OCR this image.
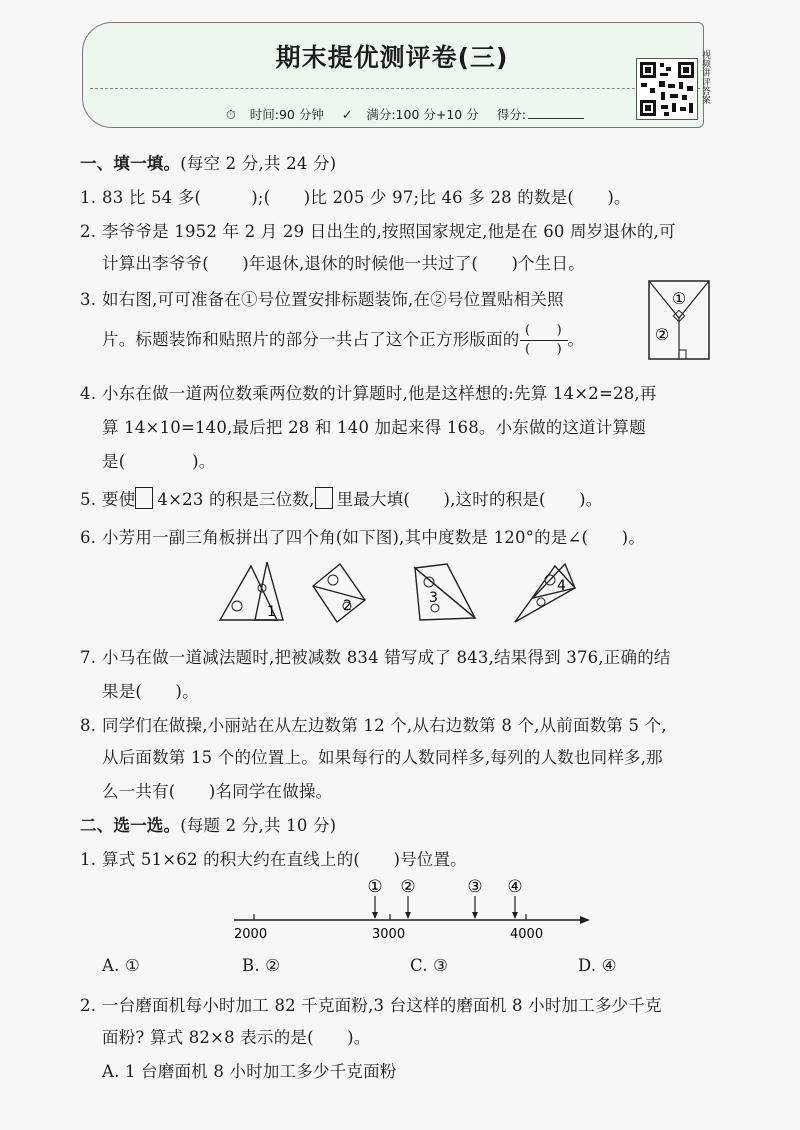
期末提优测评卷(三)
⏱ 时间:90 分钟 ✓ 满分:100 分+10 分 得分:
视频讲评答案
一、填一填。(每空 2 分,共 24 分)
1. 83 比 54 多(　　　);(　　)比 205 少 97;比 46 多 28 的数是(　　)。
2. 李爷爷是 1952 年 2 月 29 日出生的,按照国家规定,他是在 60 周岁退休的,可
计算出李爷爷(　　)年退休,退休的时候他一共过了(　　)个生日。
3. 如右图,可可准备在①号位置安排标题装饰,在②号位置贴相关照
片。标题装饰和贴照片的部分一共占了这个正方形版面的$\frac{( )}{( )}$。
①
②
4. 小东在做一道两位数乘两位数的计算题时,他是这样想的:先算 14×2=28,再
算 14×10=140,最后把 28 和 140 加起来得 168。小东做的这道计算题
是(　　　　)。
5. 要使 4×23 的积是三位数, 里最大填(　　),这时的积是(　　)。
6. 小芳用一副三角板拼出了四个角(如下图),其中度数是 120°的是∠(　　)。
1	2	3
4
7. 小马在做一道减法题时,把被减数 834 错写成了 843,结果得到 376,正确的结
果是(　　)。
8. 同学们在做操,小丽站在从左边数第 12 个,从右边数第 8 个,从前面数第 5 个,
从后面数第 15 个的位置上。如果每行的人数同样多,每列的人数也同样多,那
么一共有(　　)名同学在做操。
二、选一选。(每题 2 分,共 10 分)
1. 算式 51×62 的积大约在直线上的(　　)号位置。
2000	3000	4000
① ②	③ ④
A. ①	B. ②	C. ③	D. ④
2. 一台磨面机每小时加工 82 千克面粉,3 台这样的磨面机 8 小时加工多少千克
面粉? 算式 82×8 表示的是(　　)。
A. 1 台磨面机 8 小时加工多少千克面粉
